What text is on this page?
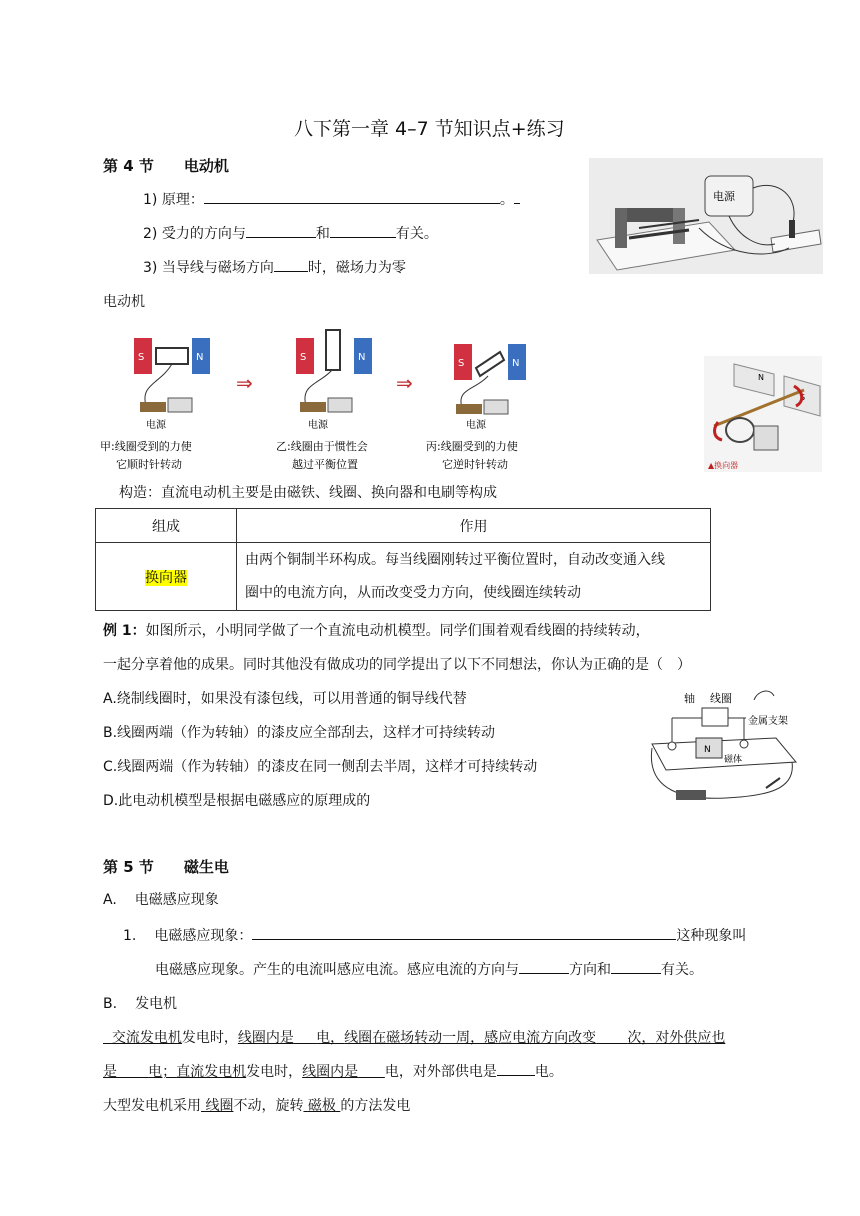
八下第一章 4–7 节知识点+练习
第 4 节　　电动机
1) 原理：	。
2) 受力的方向与	和	有关。
3) 当导线与磁场方向 时，磁场力为零
电源
电动机
S	N
电源
甲:线圈受到的力使
它顺时针转动
⇒
S	N
电源
乙:线圈由于惯性会
越过平衡位置
⇒
S	N
电源
丙:线圈受到的力使
它逆时针转动
N
S
▲换向器
构造：直流电动机主要是由磁铁、线圈、换向器和电刷等构成
组成	作用
换向器	由两个铜制半环构成。每当线圈刚转过平衡位置时，自动改变通入线
圈中的电流方向，从而改变受力方向，使线圈连续转动
例 1：如图所示，小明同学做了一个直流电动机模型。同学们围着观看线圈的持续转动，
一起分享着他的成果。同时其他没有做成功的同学提出了以下不同想法，你认为正确的是（　）
A.绕制线圈时，如果没有漆包线，可以用普通的铜导线代替
B.线圈两端（作为转轴）的漆皮应全部刮去，这样才可持续转动
C.线圈两端（作为转轴）的漆皮在同一侧刮去半周，这样才可持续转动
D.此电动机模型是根据电磁感应的原理成的
轴 线圈
金属支架
N
磁体
第 5 节　　磁生电
A. 电磁感应现象
1. 电磁感应现象：	这种现象叫
电磁感应现象。产生的电流叫感应电流。感应电流的方向与	方向和	有关。
B. 发电机
交流发电机发电时，线圈内是 电，线圈在磁场转动一周，感应电流方向改变 次，对外供应也
是 电；直流发电机发电时，线圈内是 电，对外部供电是	电。
大型发电机采用 线圈不动，旋转 磁极 的方法发电
